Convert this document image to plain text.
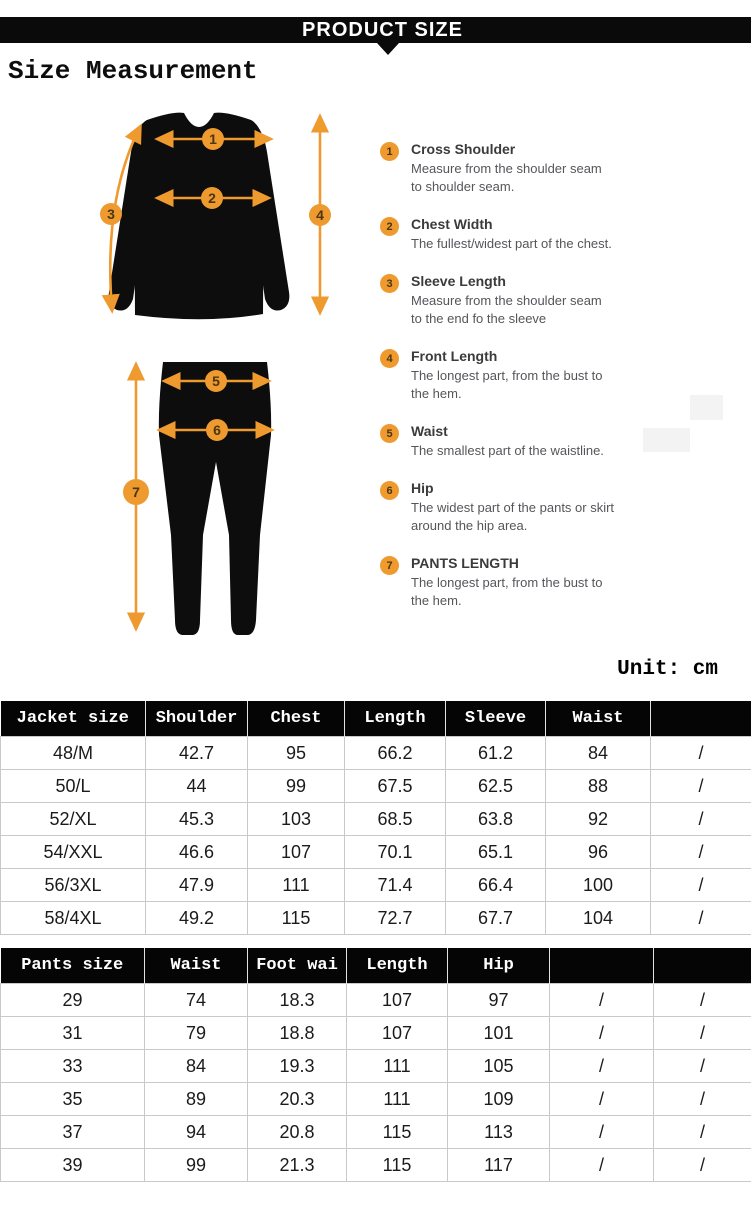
PRODUCT SIZE
Size Measurement
1
2
3	4
5
6
7
1	Cross Shoulder
Measure from the shoulder seam
to shoulder seam.
2	Chest Width
The fullest/widest part of the chest.
3	Sleeve Length
Measure from the shoulder seam
to the end fo the sleeve
4	Front Length
The longest part, from the bust to
the hem.
5	Waist
The smallest part of the waistline.
6	Hip
The widest part of the pants or skirt
around the hip area.
7	PANTS LENGTH
The longest part, from the bust to
the hem.
Unit: cm
Jacket size	Shoulder	Chest	Length	Sleeve	Waist	
48/M	42.7	95	66.2	61.2	84	/
50/L	44	99	67.5	62.5	88	/
52/XL	45.3	103	68.5	63.8	92	/
54/XXL	46.6	107	70.1	65.1	96	/
56/3XL	47.9	111	71.4	66.4	100	/
58/4XL	49.2	115	72.7	67.7	104	/
Pants size	Waist	Foot wai	Length	Hip		
29	74	18.3	107	97	/	/
31	79	18.8	107	101	/	/
33	84	19.3	111	105	/	/
35	89	20.3	111	109	/	/
37	94	20.8	115	113	/	/
39	99	21.3	115	117	/	/
